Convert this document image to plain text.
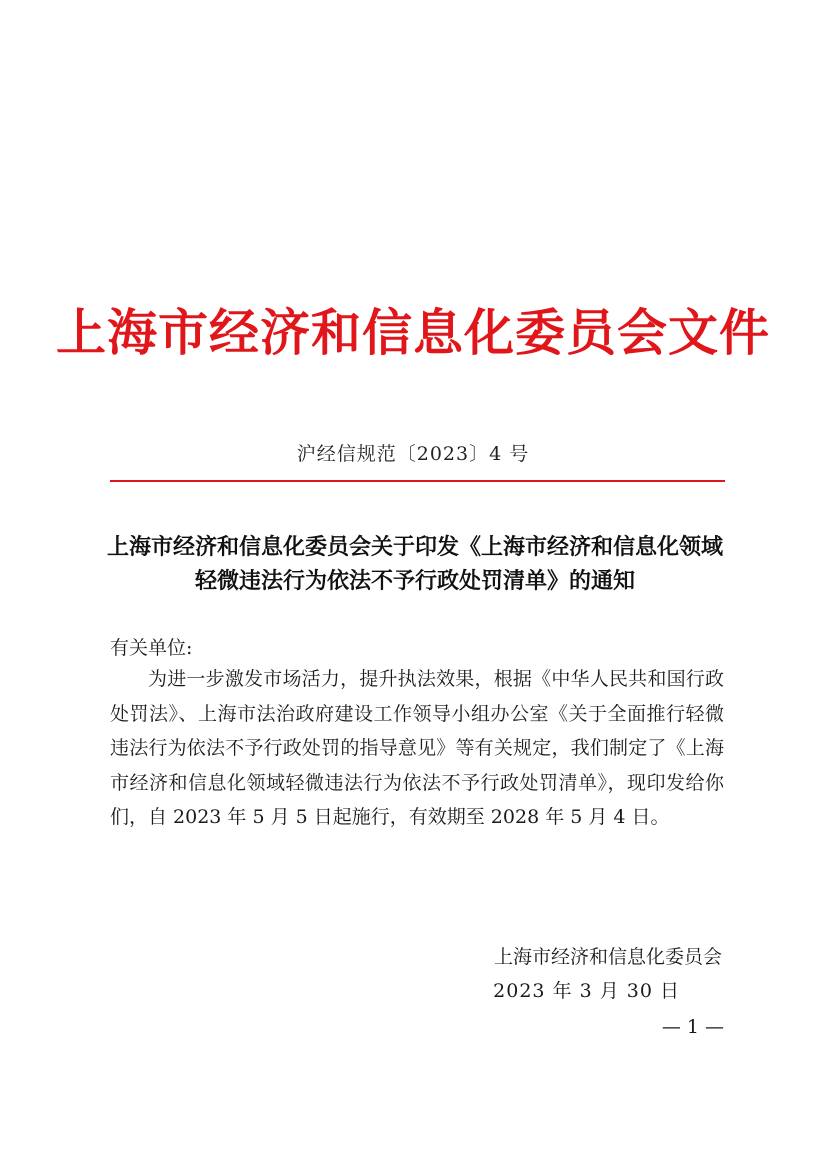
上海市经济和信息化委员会文件
沪经信规范〔2023〕4 号
上海市经济和信息化委员会关于印发《上海市经济和信息化领域轻微违法行为依法不予行政处罚清单》的通知
有关单位:

为进一步激发市场活力，提升执法效果，根据《中华人民共和国行政处罚法》、上海市法治政府建设工作领导小组办公室《关于全面推行轻微违法行为依法不予行政处罚的指导意见》等有关规定，我们制定了《上海市经济和信息化领域轻微违法行为依法不予行政处罚清单》，现印发给你们，自 2023 年 5 月 5 日起施行，有效期至 2028 年 5 月 4 日。

上海市经济和信息化委员会
2023 年 3 月 30 日
— 1 —
